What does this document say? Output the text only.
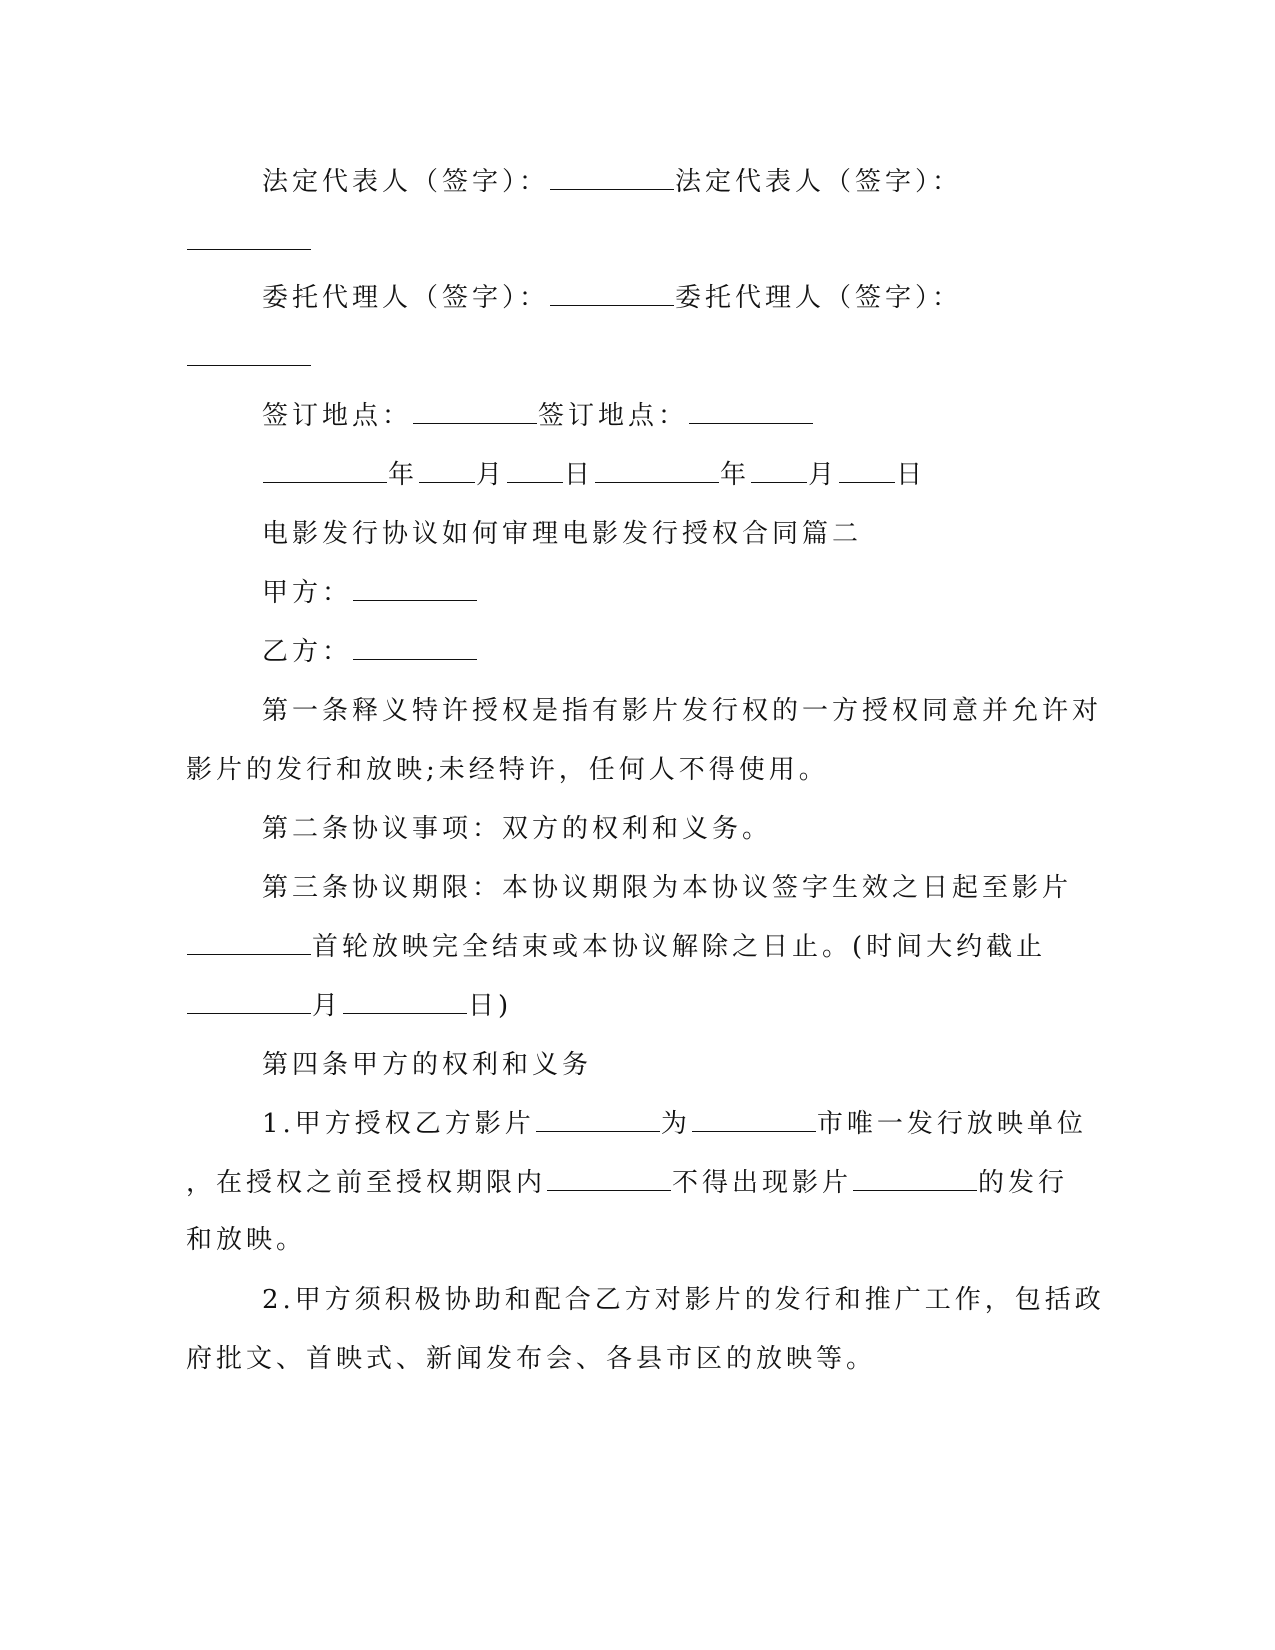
法定代表人（签字）：	法定代表人（签字）：
委托代理人（签字）：	委托代理人（签字）：
签订地点：	签订地点：
年 月 日	年 月 日
电影发行协议如何审理电影发行授权合同篇二
甲方：
乙方：
第一条释义特许授权是指有影片发行权的一方授权同意并允许对
影片的发行和放映;未经特许，任何人不得使用。
第二条协议事项：双方的权利和义务。
第三条协议期限：本协议期限为本协议签字生效之日起至影片
首轮放映完全结束或本协议解除之日止。(时间大约截止
月	日)
第四条甲方的权利和义务
1.甲方授权乙方影片	为	市唯一发行放映单位
，在授权之前至授权期限内	不得出现影片	的发行
和放映。
2.甲方须积极协助和配合乙方对影片的发行和推广工作，包括政
府批文、首映式、新闻发布会、各县市区的放映等。
